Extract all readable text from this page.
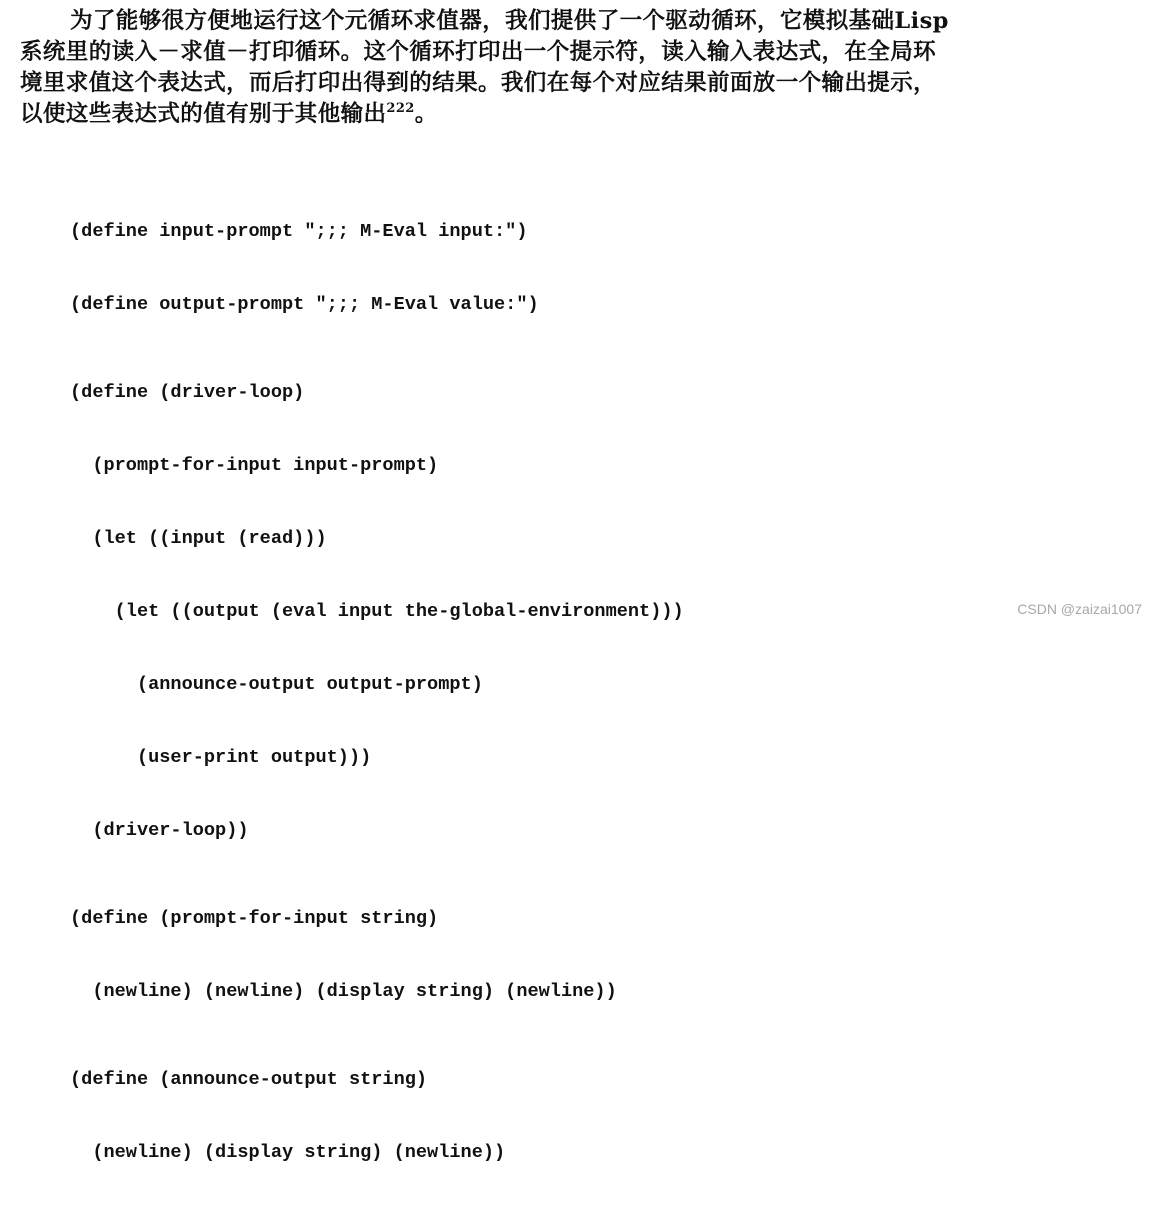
为了能够很方便地运行这个元循环求值器，我们提供了一个驱动循环，它模拟基础Lisp
系统里的读入－求值－打印循环。这个循环打印出一个提示符，读入输入表达式，在全局环
境里求值这个表达式，而后打印出得到的结果。我们在每个对应结果前面放一个输出提示，
以使这些表达式的值有别于其他输出$^{222}$。

(define input-prompt ";;; M-Eval input:")

(define output-prompt ";;; M-Eval value:")

(define (driver-loop)

(prompt-for-input input-prompt)

(let ((input (read)))

(let ((output (eval input the-global-environment)))

(announce-output output-prompt)

(user-print output)))

(driver-loop))

(define (prompt-for-input string)

(newline) (newline) (display string) (newline))

(define (announce-output string)

(newline) (display string) (newline))

CSDN @zaizai1007
